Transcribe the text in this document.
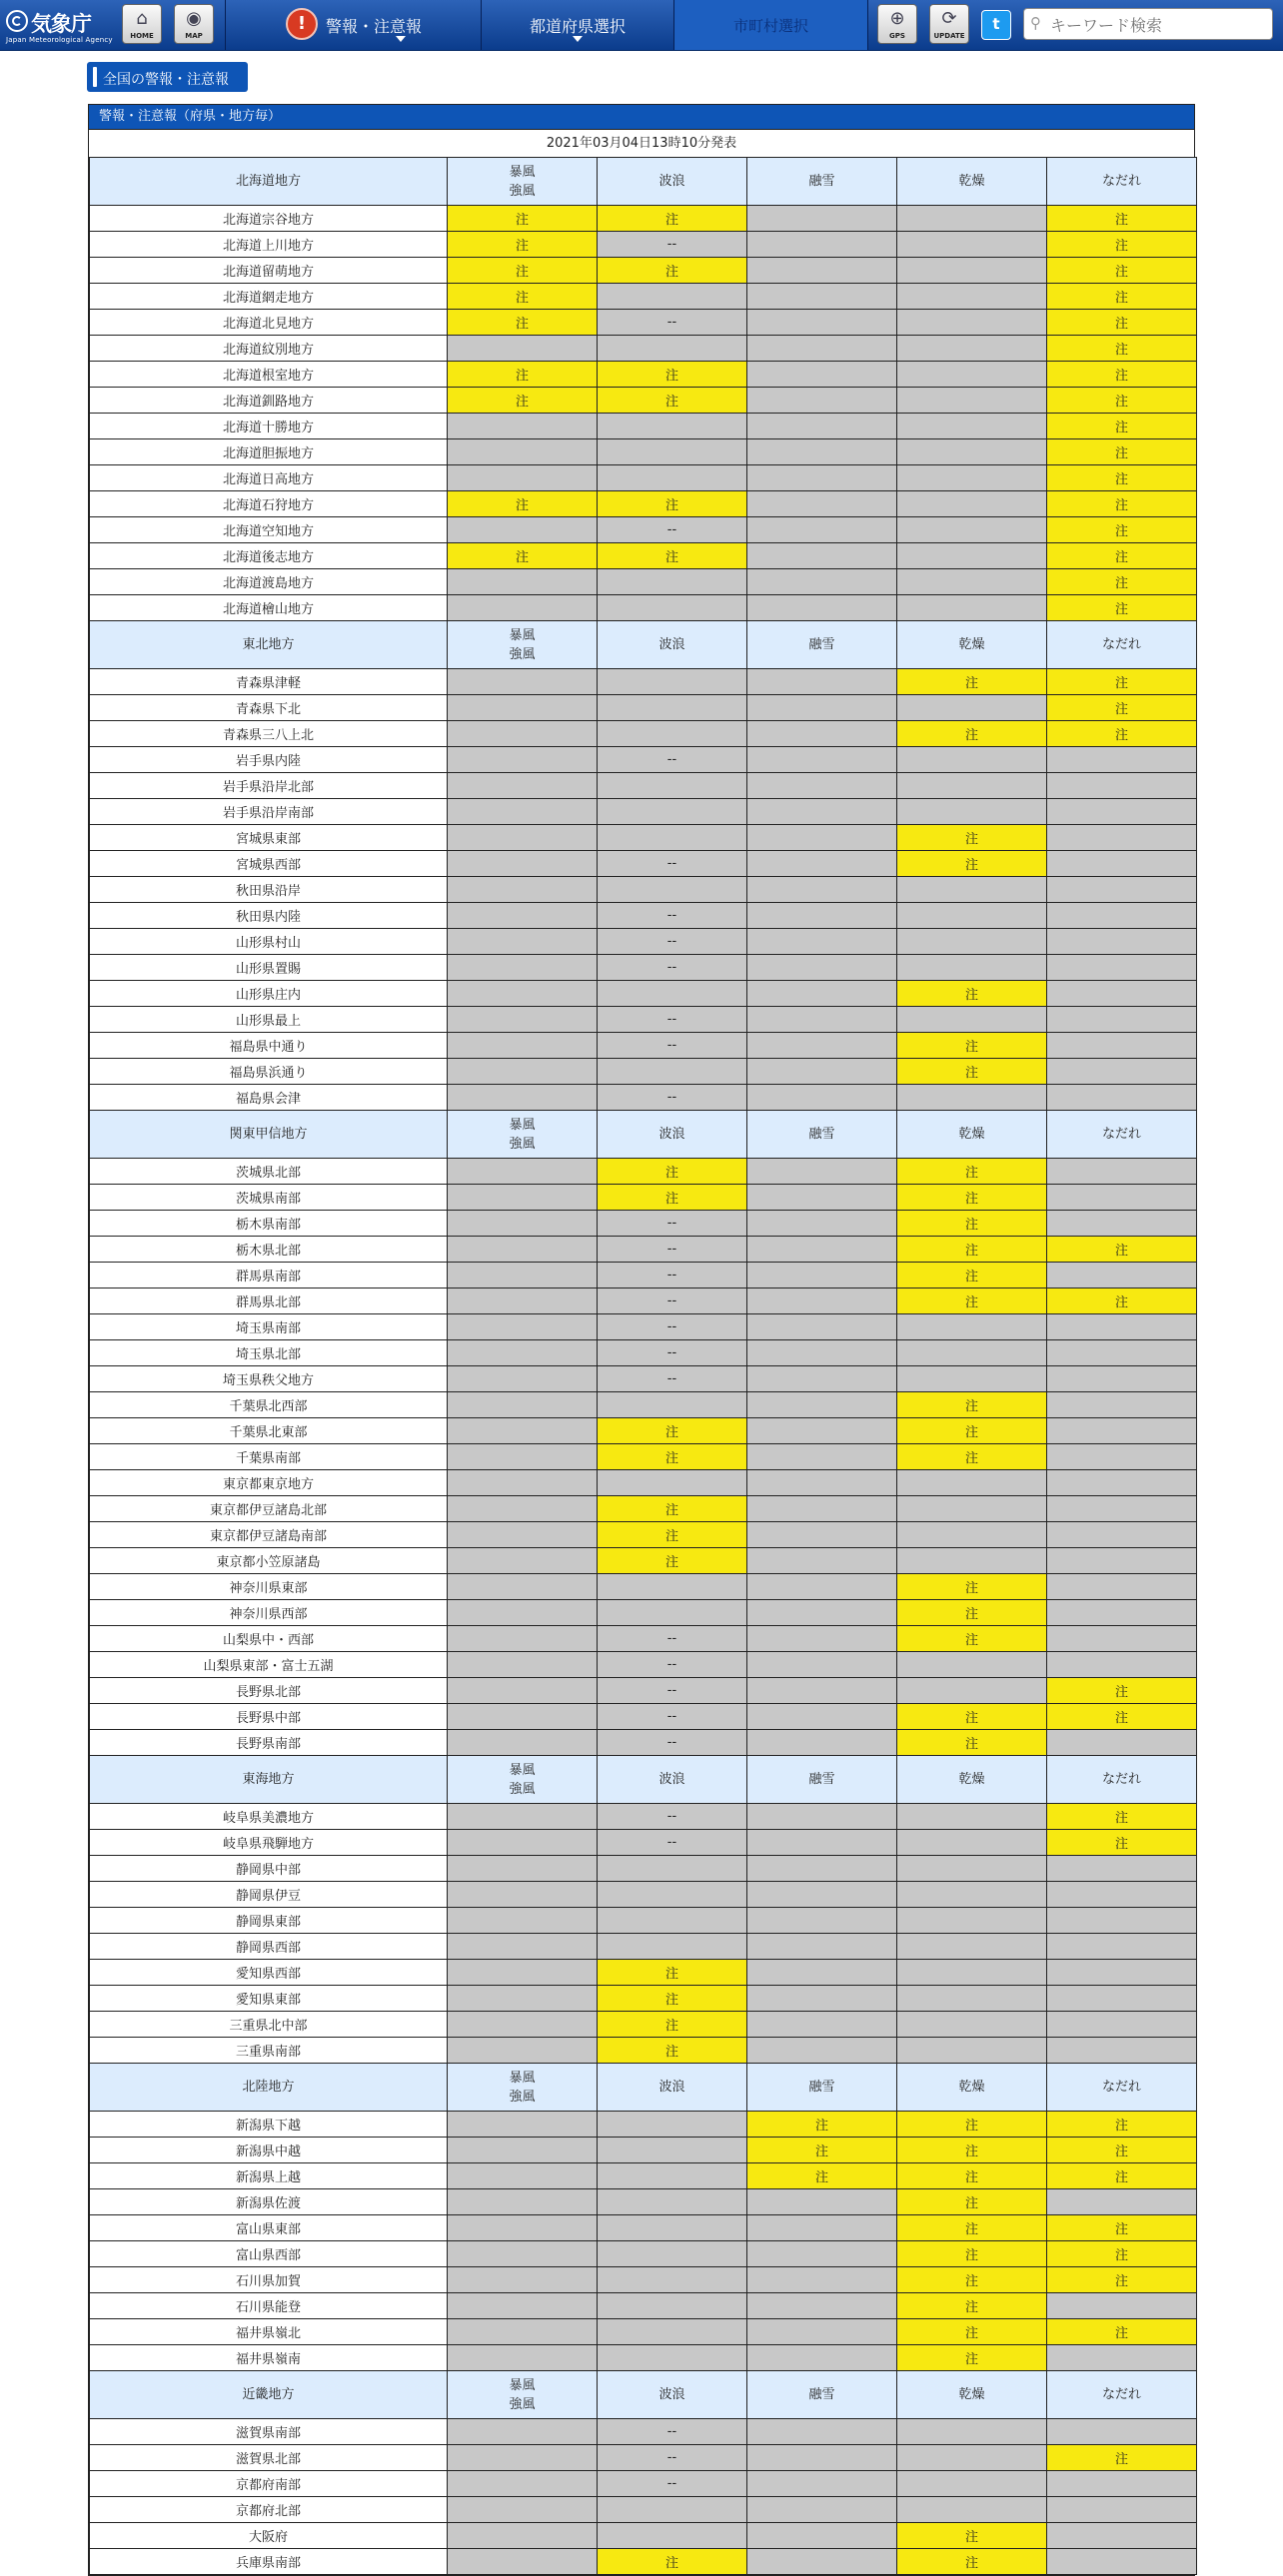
気象庁
Japan Meteorological Agency
⌂
HOME
◉
MAP
!	警報・注意報	都道府県選択	市町村選択	⊕
GPS
⟳
UPDATE
t	⚲
キーワード検索
全国の警報・注意報
警報・注意報（府県・地方毎）
2021年03月04日13時10分発表
北海道地方	暴風
強風	波浪	融雪	乾燥	なだれ
北海道宗谷地方	注	注			注
北海道上川地方	注	--			注
北海道留萌地方	注	注			注
北海道網走地方	注				注
北海道北見地方	注	--			注
北海道紋別地方					注
北海道根室地方	注	注			注
北海道釧路地方	注	注			注
北海道十勝地方					注
北海道胆振地方					注
北海道日高地方					注
北海道石狩地方	注	注			注
北海道空知地方		--			注
北海道後志地方	注	注			注
北海道渡島地方					注
北海道檜山地方					注
東北地方	暴風
強風	波浪	融雪	乾燥	なだれ
青森県津軽				注	注
青森県下北					注
青森県三八上北				注	注
岩手県内陸		--			
岩手県沿岸北部					
岩手県沿岸南部					
宮城県東部				注	
宮城県西部		--		注	
秋田県沿岸					
秋田県内陸		--			
山形県村山		--			
山形県置賜		--			
山形県庄内				注	
山形県最上		--			
福島県中通り		--		注	
福島県浜通り				注	
福島県会津		--			
関東甲信地方	暴風
強風	波浪	融雪	乾燥	なだれ
茨城県北部		注		注	
茨城県南部		注		注	
栃木県南部		--		注	
栃木県北部		--		注	注
群馬県南部		--		注	
群馬県北部		--		注	注
埼玉県南部		--			
埼玉県北部		--			
埼玉県秩父地方		--			
千葉県北西部				注	
千葉県北東部		注		注	
千葉県南部		注		注	
東京都東京地方					
東京都伊豆諸島北部		注			
東京都伊豆諸島南部		注			
東京都小笠原諸島		注			
神奈川県東部				注	
神奈川県西部				注	
山梨県中・西部		--		注	
山梨県東部・富士五湖		--			
長野県北部		--			注
長野県中部		--		注	注
長野県南部		--		注	
東海地方	暴風
強風	波浪	融雪	乾燥	なだれ
岐阜県美濃地方		--			注
岐阜県飛騨地方		--			注
静岡県中部					
静岡県伊豆					
静岡県東部					
静岡県西部					
愛知県西部		注			
愛知県東部		注			
三重県北中部		注			
三重県南部		注			
北陸地方	暴風
強風	波浪	融雪	乾燥	なだれ
新潟県下越			注	注	注
新潟県中越			注	注	注
新潟県上越			注	注	注
新潟県佐渡				注	
富山県東部				注	注
富山県西部				注	注
石川県加賀				注	注
石川県能登				注	
福井県嶺北				注	注
福井県嶺南				注	
近畿地方	暴風
強風	波浪	融雪	乾燥	なだれ
滋賀県南部		--			
滋賀県北部		--			注
京都府南部		--			
京都府北部					
大阪府				注	
兵庫県南部		注		注	
